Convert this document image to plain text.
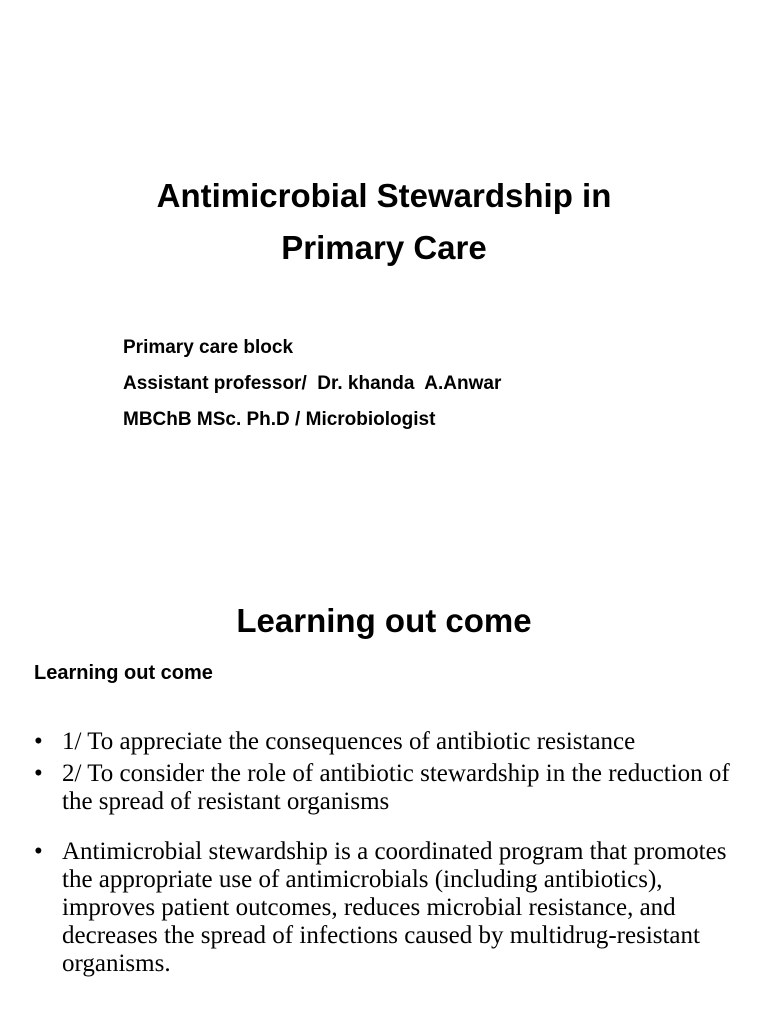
Antimicrobial Stewardship in
Primary Care
Primary care block
Assistant professor/  Dr. khanda  A.Anwar
MBChB MSc. Ph.D / Microbiologist
Learning out come
Learning out come
• 1/ To appreciate the consequences of antibiotic resistance
• 2/ To consider the role of antibiotic stewardship in the reduction of the spread of resistant organisms
• Antimicrobial stewardship is a coordinated program that promotes the appropriate use of antimicrobials (including antibiotics), improves patient outcomes, reduces microbial resistance, and decreases the spread of infections caused by multidrug-resistant organisms.
